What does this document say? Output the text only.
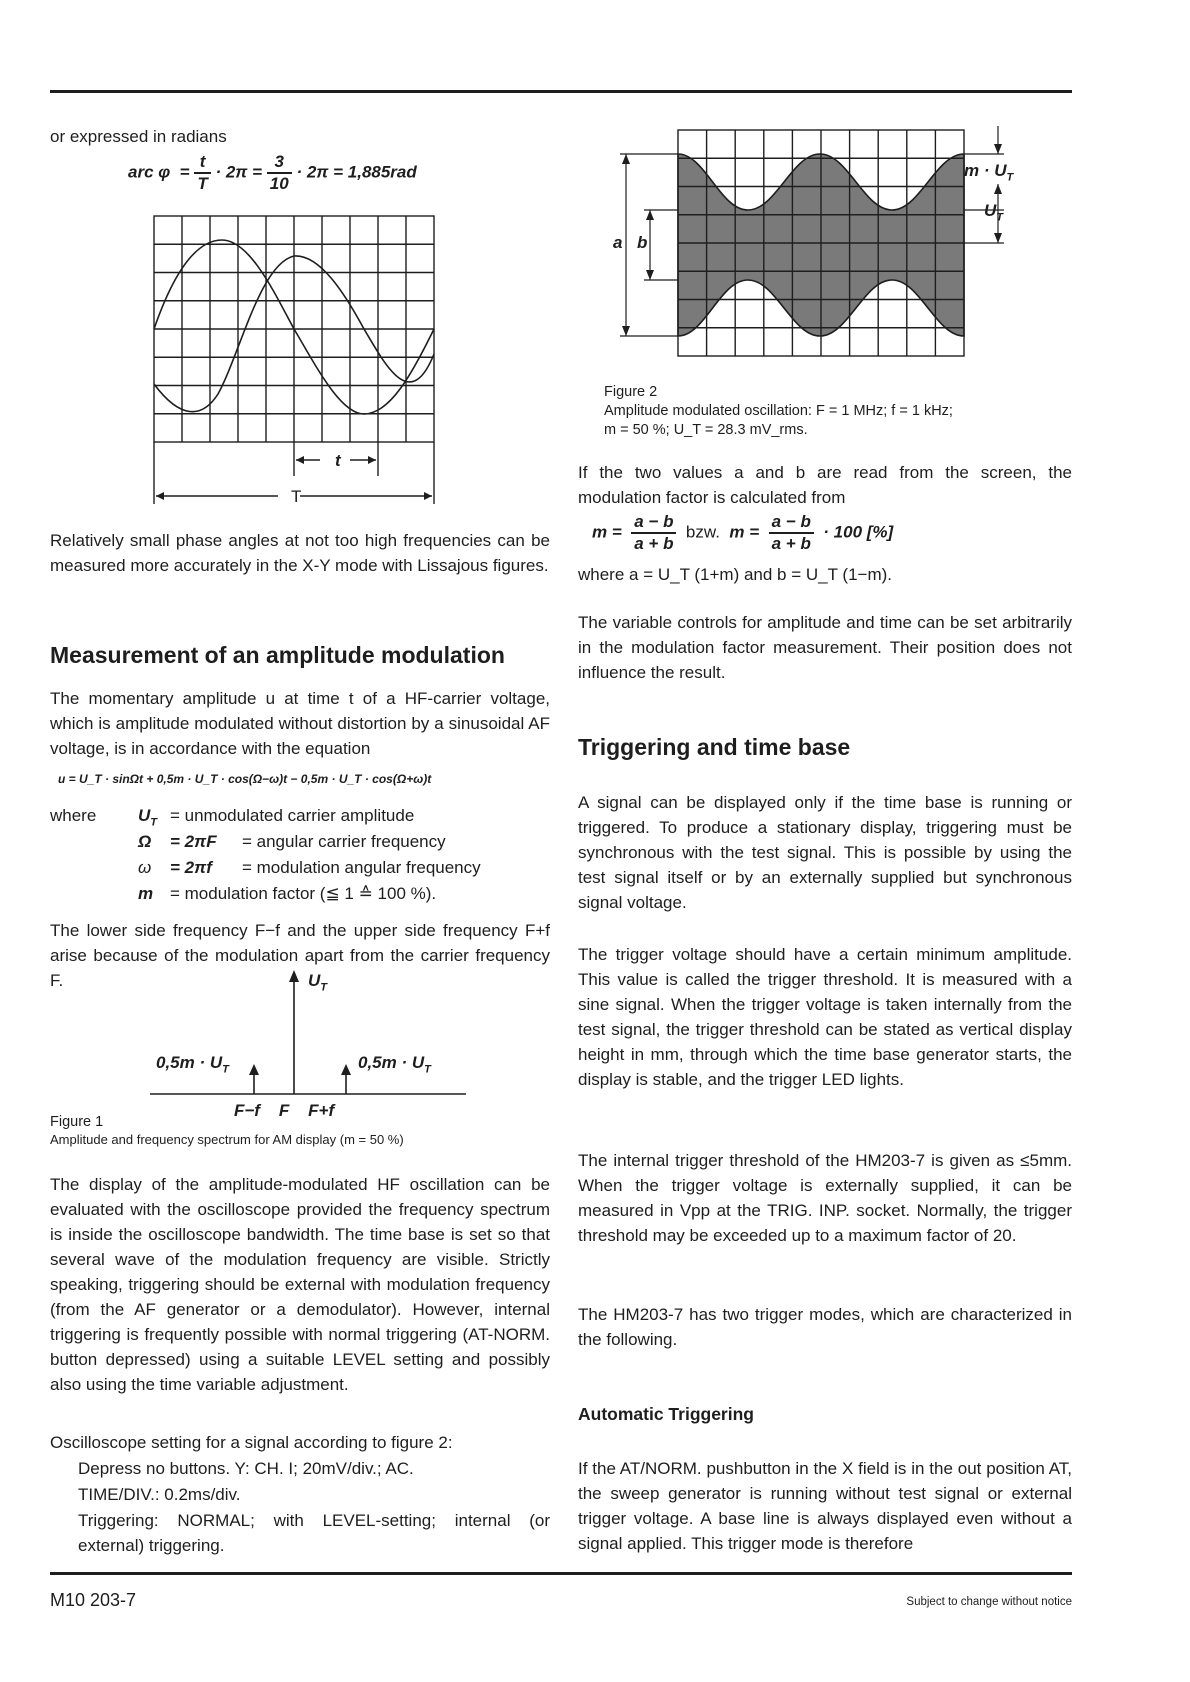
or expressed in radians
arc $\varphi = \frac{t}{T} \cdot 2\pi = \frac{3}{10} \cdot 2\pi = 1,885rad$
t
T
Relatively small phase angles at not too high frequencies can be measured more accurately in the X-Y mode with Lissajous figures.
Measurement of an amplitude modulation
The momentary amplitude u at time t of a HF-carrier voltage, which is amplitude modulated without distortion by a sinusoidal AF voltage, is in accordance with the equation
u = U_T · sinΩt + 0,5m · U_T · cos(Ω−ω)t − 0,5m · U_T · cos(Ω+ω)t
where $U_T$ = unmodulated carrier amplitude
Ω = 2πF = angular carrier frequency
ω = 2πf = modulation angular frequency
m = modulation factor (≦ 1 ≙ 100 %).
The lower side frequency F−f and the upper side frequency F+f arise because of the modulation apart from the carrier frequency F.	$U_T$
$0,5m \cdot U_T$	$0,5m \cdot U_T$
F−f    F    F+f
Figure 1
Amplitude and frequency spectrum for AM display (m = 50 %)
The display of the amplitude-modulated HF oscillation can be evaluated with the oscilloscope provided the frequency spectrum is inside the oscilloscope bandwidth. The time base is set so that several wave of the modulation frequency are visible. Strictly speaking, triggering should be external with modulation frequency (from the AF generator or a demodulator). However, internal triggering is frequently possible with normal triggering (AT-NORM. button depressed) using a suitable LEVEL setting and possibly also using the time variable adjustment.
Oscilloscope setting for a signal according to figure 2:
Depress no buttons. Y: CH. I; 20mV/div.; AC.
TIME/DIV.: 0.2ms/div.
Triggering: NORMAL; with LEVEL-setting; internal (or external) triggering.
a b
$m \cdot U_T$
$U_T$
Figure 2
Amplitude modulated oscillation: F = 1 MHz; f = 1 kHz;
m = 50 %; U_T = 28.3 mV_rms.
If the two values a and b are read from the screen, the modulation factor is calculated from
$m = \frac{a - b}{a + b}$ bzw. $m = \frac{a - b}{a + b} \cdot 100$ [%]
where a = U_T (1+m) and b = U_T (1−m).
The variable controls for amplitude and time can be set arbitrarily in the modulation factor measurement. Their position does not influence the result.
Triggering and time base
A signal can be displayed only if the time base is running or triggered. To produce a stationary display, triggering must be synchronous with the test signal. This is possible by using the test signal itself or by an externally supplied but synchronous signal voltage.
The trigger voltage should have a certain minimum amplitude. This value is called the trigger threshold. It is measured with a sine signal. When the trigger voltage is taken internally from the test signal, the trigger threshold can be stated as vertical display height in mm, through which the time base generator starts, the display is stable, and the trigger LED lights.
The internal trigger threshold of the HM203-7 is given as ≤5mm. When the trigger voltage is externally supplied, it can be measured in Vpp at the TRIG. INP. socket. Normally, the trigger threshold may be exceeded up to a maximum factor of 20.
The HM203-7 has two trigger modes, which are characterized in the following.
Automatic Triggering
If the AT/NORM. pushbutton in the X field is in the out position AT, the sweep generator is running without test signal or external trigger voltage. A base line is always displayed even without a signal applied. This trigger mode is therefore
M10 203-7	Subject to change without notice
